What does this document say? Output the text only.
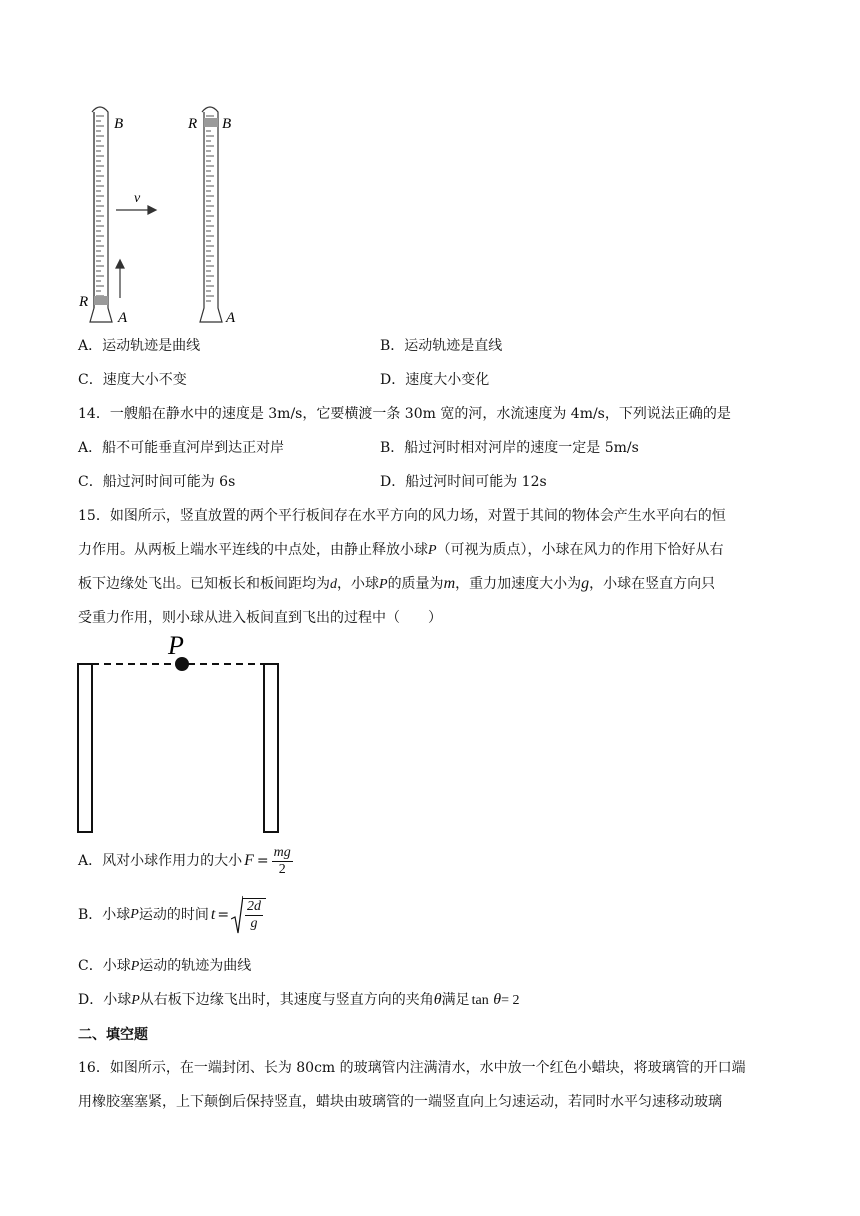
B
R
A
v
R B
A
A．运动轨迹是曲线	B．运动轨迹是直线
C．速度大小不变	D．速度大小变化
14．一艘船在静水中的速度是 3m/s，它要横渡一条 30m 宽的河，水流速度为 4m/s，下列说法正确的是
A．船不可能垂直河岸到达正对岸	B．船过河时相对河岸的速度一定是 5m/s
C．船过河时间可能为 6s	D．船过河时间可能为 12s
15．如图所示，竖直放置的两个平行板间存在水平方向的风力场，对置于其间的物体会产生水平向右的恒
力作用。从两板上端水平连线的中点处，由静止释放小球P（可视为质点），小球在风力的作用下恰好从右
板下边缘处飞出。已知板长和板间距均为d，小球P的质量为m，重力加速度大小为g，小球在竖直方向只
受重力作用，则小球从进入板间直到飞出的过程中（　　）
P
A．风对小球作用力的大小 $F = \frac{mg}{2}$
B．小球 P 运动的时间 $t = \frac{2d}{g}$
C．小球P运动的轨迹为曲线
D．小球P从右板下边缘飞出时，其速度与竖直方向的夹角θ满足 tan θ= 2
二、填空题
16．如图所示，在一端封闭、长为 80cm 的玻璃管内注满清水，水中放一个红色小蜡块，将玻璃管的开口端
用橡胶塞塞紧，上下颠倒后保持竖直，蜡块由玻璃管的一端竖直向上匀速运动，若同时水平匀速移动玻璃
